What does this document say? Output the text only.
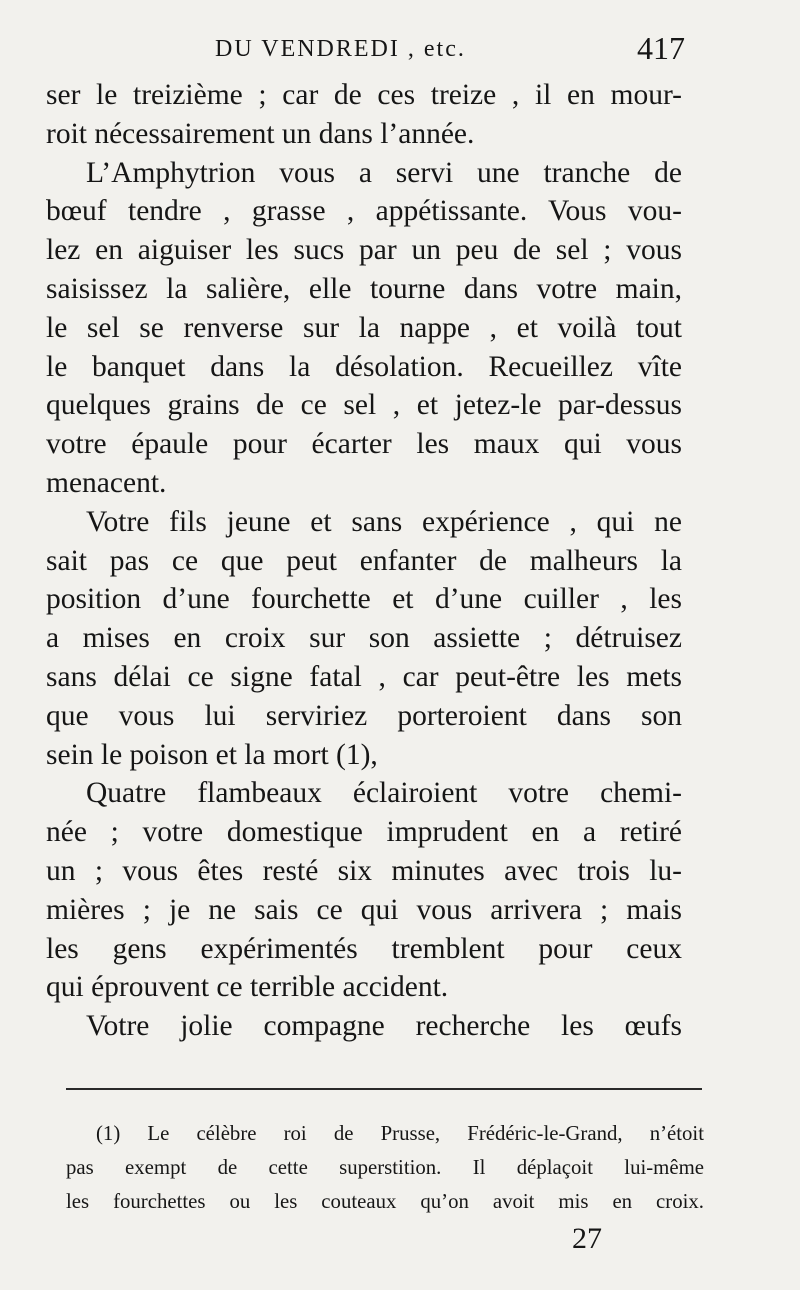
DU VENDREDI , etc.	417
ser le treizième ; car de ces treize , il en mour-
roit nécessairement un dans l’année.
L’Amphytrion vous a servi une tranche de
bœuf tendre , grasse , appétissante. Vous vou-
lez en aiguiser les sucs par un peu de sel ; vous
saisissez la salière, elle tourne dans votre main,
le sel se renverse sur la nappe , et voilà tout
le banquet dans la désolation. Recueillez vîte
quelques grains de ce sel , et jetez-le par-dessus
votre épaule pour écarter les maux qui vous
menacent.
Votre fils jeune et sans expérience , qui ne
sait pas ce que peut enfanter de malheurs la
position d’une fourchette et d’une cuiller , les
a mises en croix sur son assiette ; détruisez
sans délai ce signe fatal , car peut-être les mets
que vous lui serviriez porteroient dans son
sein le poison et la mort (1),
Quatre flambeaux éclairoient votre chemi-
née ; votre domestique imprudent en a retiré
un ; vous êtes resté six minutes avec trois lu-
mières ; je ne sais ce qui vous arrivera ; mais
les gens expérimentés tremblent pour ceux
qui éprouvent ce terrible accident.
Votre jolie compagne recherche les œufs
(1) Le célèbre roi de Prusse, Frédéric-le-Grand, n’étoit
pas exempt de cette superstition. Il déplaçoit lui-même
les fourchettes ou les couteaux qu’on avoit mis en croix.
27
